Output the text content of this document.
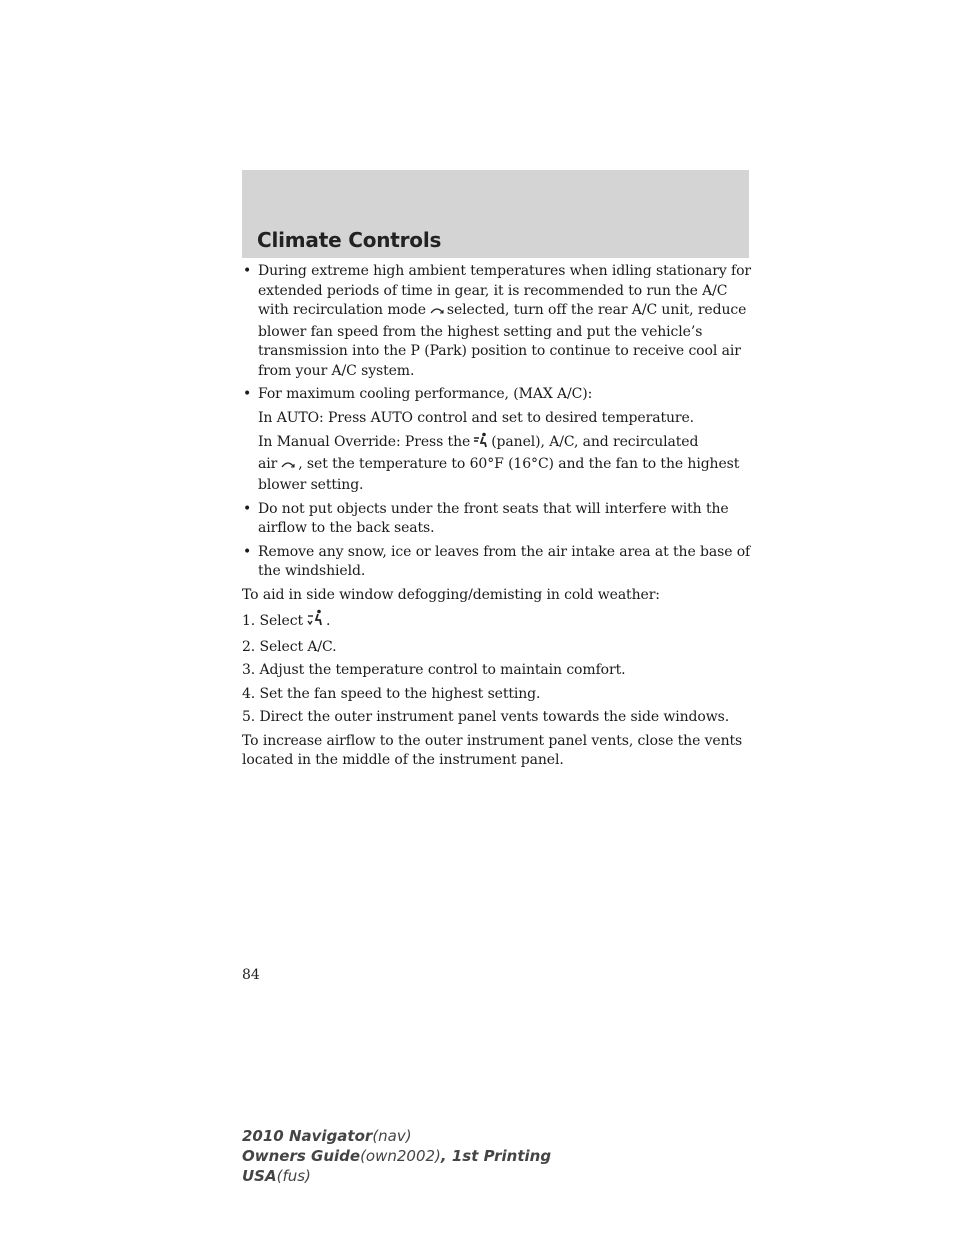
Climate Controls
• During extreme high ambient temperatures when idling stationary for extended periods of time in gear, it is recommended to run the A/C with recirculation mode selected, turn off the rear A/C unit, reduce blower fan speed from the highest setting and put the vehicle’s transmission into the P (Park) position to continue to receive cool air from your A/C system.
• For maximum cooling performance, (MAX A/C):
In AUTO: Press AUTO control and set to desired temperature.
In Manual Override: Press the (panel), A/C, and recirculated
air , set the temperature to 60°F (16°C) and the fan to the highest blower setting.
• Do not put objects under the front seats that will interfere with the airflow to the back seats.
• Remove any snow, ice or leaves from the air intake area at the base of the windshield.
To aid in side window defogging/demisting in cold weather:
1. Select .
2. Select A/C.
3. Adjust the temperature control to maintain comfort.
4. Set the fan speed to the highest setting.
5. Direct the outer instrument panel vents towards the side windows.
To increase airflow to the outer instrument panel vents, close the vents located in the middle of the instrument panel.
84
2010 Navigator(nav)
Owners Guide(own2002), 1st Printing
USA(fus)
